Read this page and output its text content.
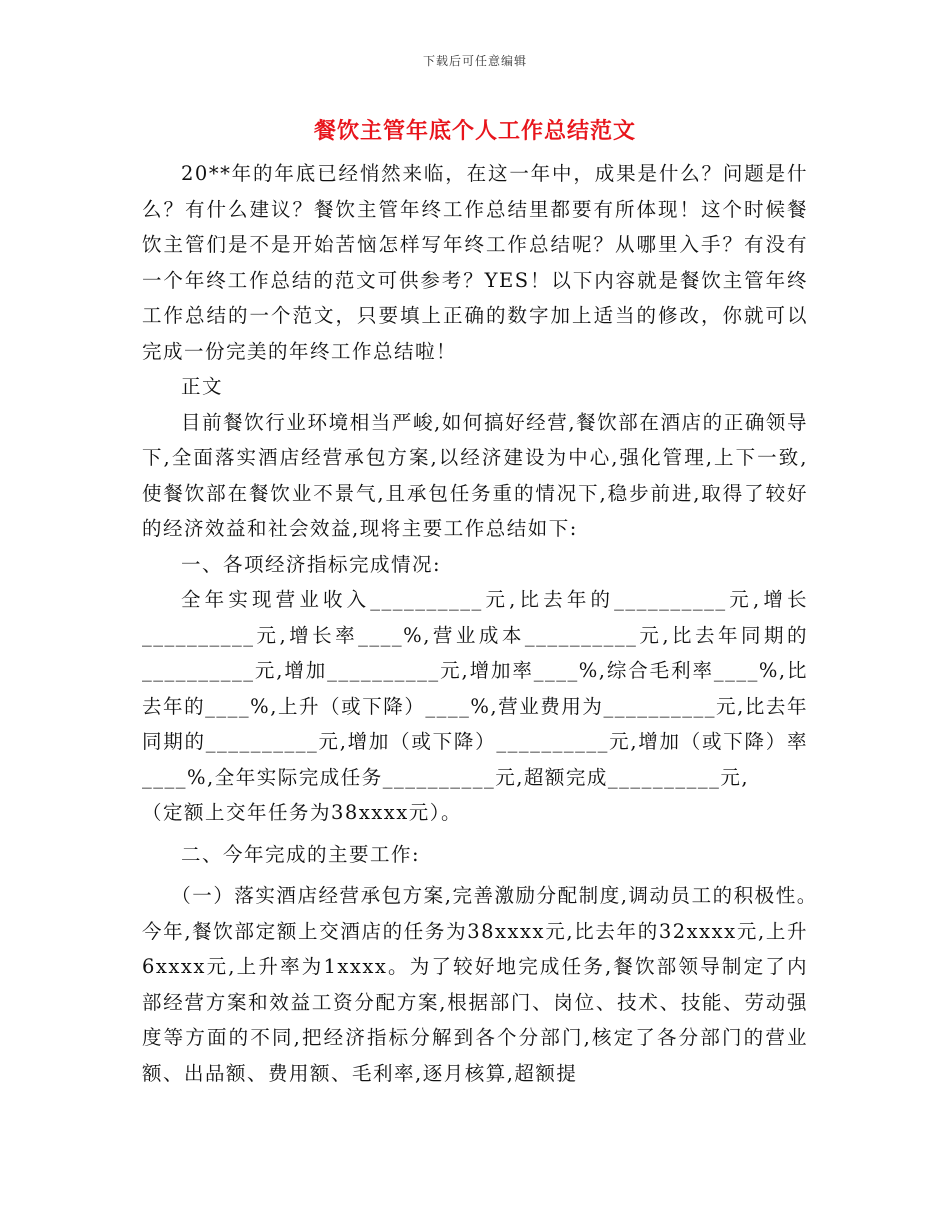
下载后可任意编辑
餐饮主管年底个人工作总结范文

20**年的年底已经悄然来临，在这一年中，成果是什么？问题是什么？有什么建议？餐饮主管年终工作总结里都要有所体现！这个时候餐饮主管们是不是开始苦恼怎样写年终工作总结呢？从哪里入手？有没有一个年终工作总结的范文可供参考？YES！以下内容就是餐饮主管年终工作总结的一个范文，只要填上正确的数字加上适当的修改，你就可以完成一份完美的年终工作总结啦！

正文

目前餐饮行业环境相当严峻,如何搞好经营,餐饮部在酒店的正确领导下,全面落实酒店经营承包方案,以经济建设为中心,强化管理,上下一致,使餐饮部在餐饮业不景气,且承包任务重的情况下,稳步前进,取得了较好的经济效益和社会效益,现将主要工作总结如下:

一、各项经济指标完成情况:

全年实现营业收入__________元,比去年的__________元,增长__________元,增长率____%,营业成本__________元,比去年同期的__________元,增加__________元,增加率____%,综合毛利率____%,比去年的____%,上升（或下降）____%,营业费用为__________元,比去年同期的__________元,增加（或下降）__________元,增加（或下降）率____%,全年实际完成任务__________元,超额完成__________元,

（定额上交年任务为38xxxx元）。

二、今年完成的主要工作:

（一）落实酒店经营承包方案,完善激励分配制度,调动员工的积极性。　　　今年,餐饮部定额上交酒店的任务为38xxxx元,比去年的32xxxx元,上升6xxxx元,上升率为1xxxx。为了较好地完成任务,餐饮部领导制定了内部经营方案和效益工资分配方案,根据部门、岗位、技术、技能、劳动强度等方面的不同,把经济指标分解到各个分部门,核定了各分部门的营业额、出品额、费用额、毛利率,逐月核算,超额提
